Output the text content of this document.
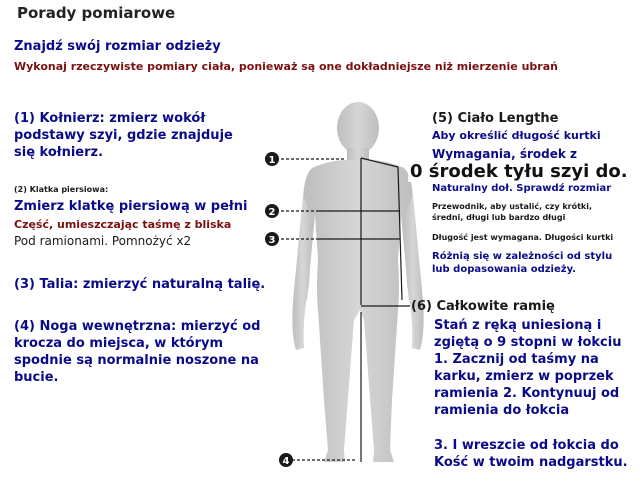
1
2
3
4
Porady pomiarowe
Znajdź swój rozmiar odzieży
Wykonaj rzeczywiste pomiary ciała, ponieważ są one dokładniejsze niż mierzenie ubrań
(1) Kołnierz: zmierz wokół podstawy szyi, gdzie znajduje się kołnierz.
(2) Klatka piersiowa:
Zmierz klatkę piersiową w pełni
Część, umieszczając taśmę z bliska
Pod ramionami. Pomnożyć x2
(3) Talia: zmierzyć naturalną talię.
(4) Noga wewnętrzna: mierzyć od krocza do miejsca, w którym spodnie są normalnie noszone na bucie.
(5) Ciało Lengthe
Aby określić długość kurtki
Wymagania, środek z
0 środek tyłu szyi do.
Naturalny doł. Sprawdź rozmiar
Przewodnik, aby ustalić, czy krótki, średni, długi lub bardzo długi
Długość jest wymagana. Długości kurtki
Różnią się w zależności od stylu lub dopasowania odzieży.
(6) Całkowite ramię
Stań z ręką uniesioną i zgiętą o 9 stopni w łokciu 1. Zacznij od taśmy na karku, zmierz w poprzek ramienia 2. Kontynuuj od ramienia do łokcia
3. I wreszcie od łokcia do Kość w twoim nadgarstku.
